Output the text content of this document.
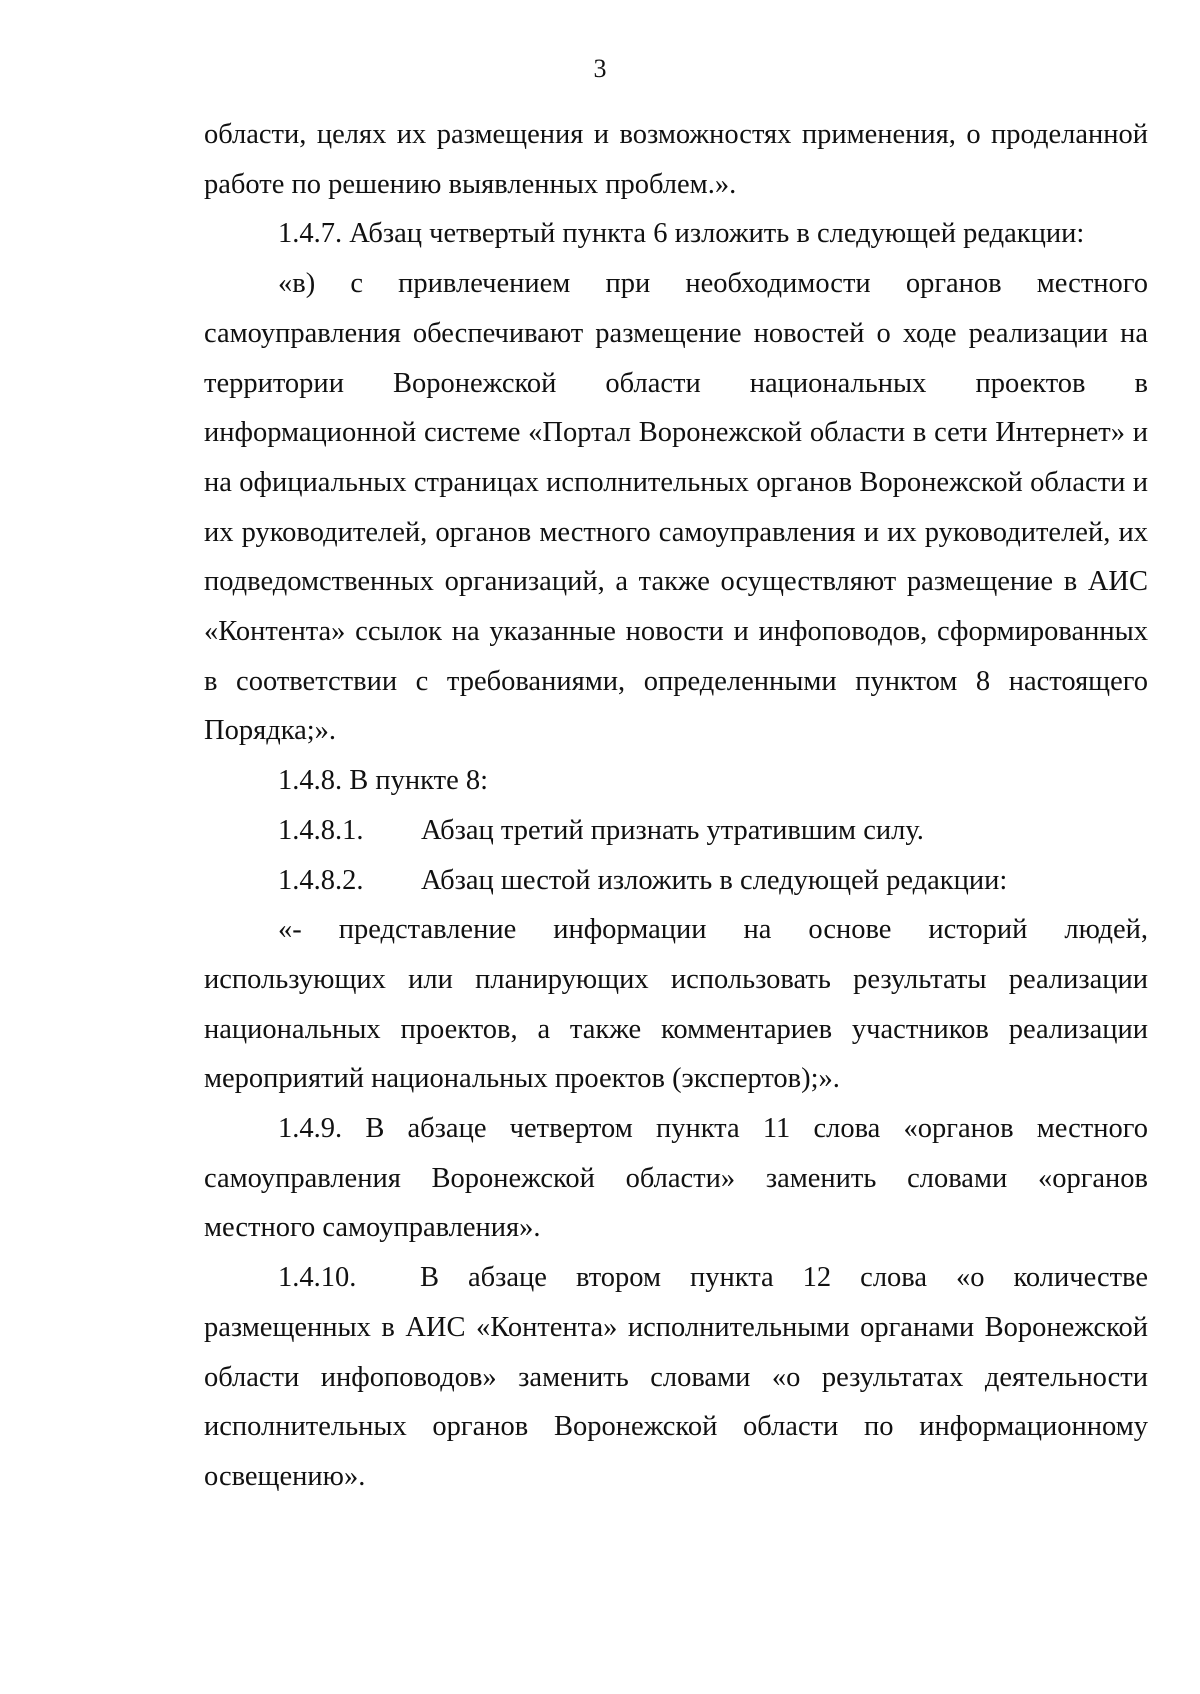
3

области, целях их размещения и возможностях применения, о проделанной работе по решению выявленных проблем.».

1.4.7. Абзац четвертый пункта 6 изложить в следующей редакции:

«в) с привлечением при необходимости органов местного самоуправления обеспечивают размещение новостей о ходе реализации на территории Воронежской области национальных проектов в информационной системе «Портал Воронежской области в сети Интернет» и на официальных страницах исполнительных органов Воронежской области и их руководителей, органов местного самоуправления и их руководителей, их подведомственных организаций, а также осуществляют размещение в АИС «Контента» ссылок на указанные новости и инфоповодов, сформированных в соответствии с требованиями, определенными пунктом 8 настоящего Порядка;».

1.4.8. В пункте 8:

1.4.8.1. Абзац третий признать утратившим силу.

1.4.8.2. Абзац шестой изложить в следующей редакции:

«- представление информации на основе историй людей, использующих или планирующих использовать результаты реализации национальных проектов, а также комментариев участников реализации мероприятий национальных проектов (экспертов);».

1.4.9. В абзаце четвертом пункта 11 слова «органов местного самоуправления Воронежской области» заменить словами «органов местного самоуправления».

1.4.10. В абзаце втором пункта 12 слова «о количестве размещенных в АИС «Контента» исполнительными органами Воронежской области инфоповодов» заменить словами «о результатах деятельности исполнительных органов Воронежской области по информационному освещению».
